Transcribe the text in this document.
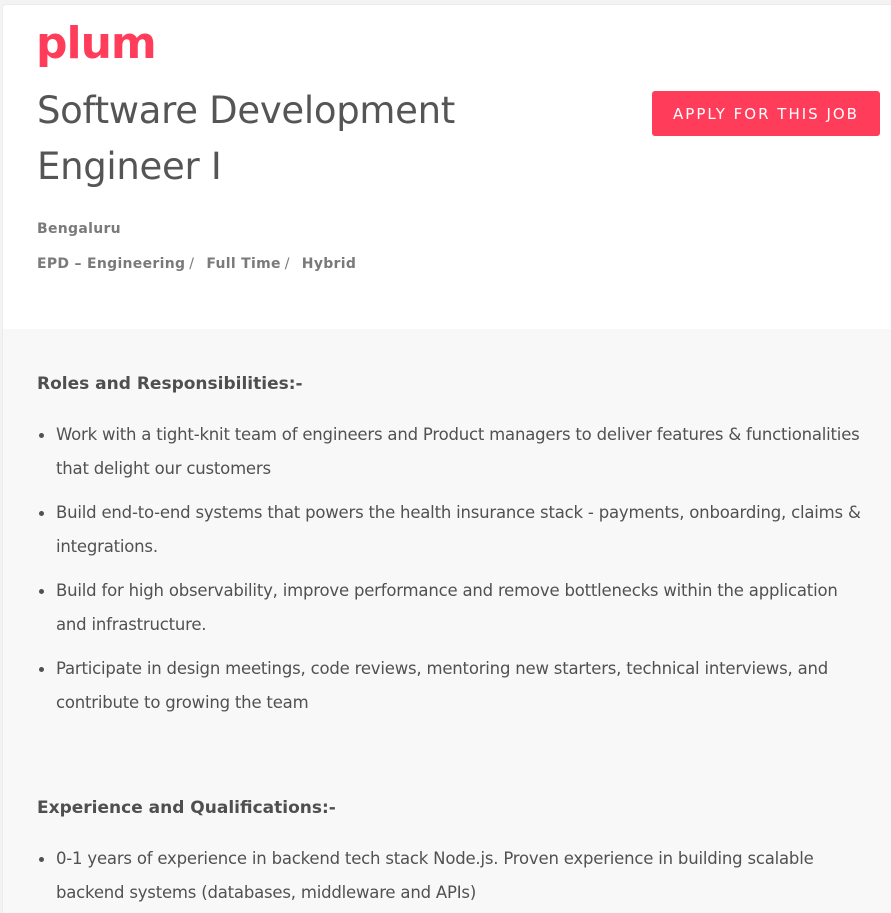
plum
Software Development Engineer I
APPLY FOR THIS JOB
Bengaluru
EPD – Engineering / Full Time / Hybrid
Roles and Responsibilities:-
Work with a tight-knit team of engineers and Product managers to deliver features & functionalities that delight our customers
Build end-to-end systems that powers the health insurance stack - payments, onboarding, claims & integrations.
Build for high observability, improve performance and remove bottlenecks within the application and infrastructure.
Participate in design meetings, code reviews, mentoring new starters, technical interviews, and contribute to growing the team
Experience and Qualifications:-
0-1 years of experience in backend tech stack Node.js. Proven experience in building scalable backend systems (databases, middleware and APIs)
